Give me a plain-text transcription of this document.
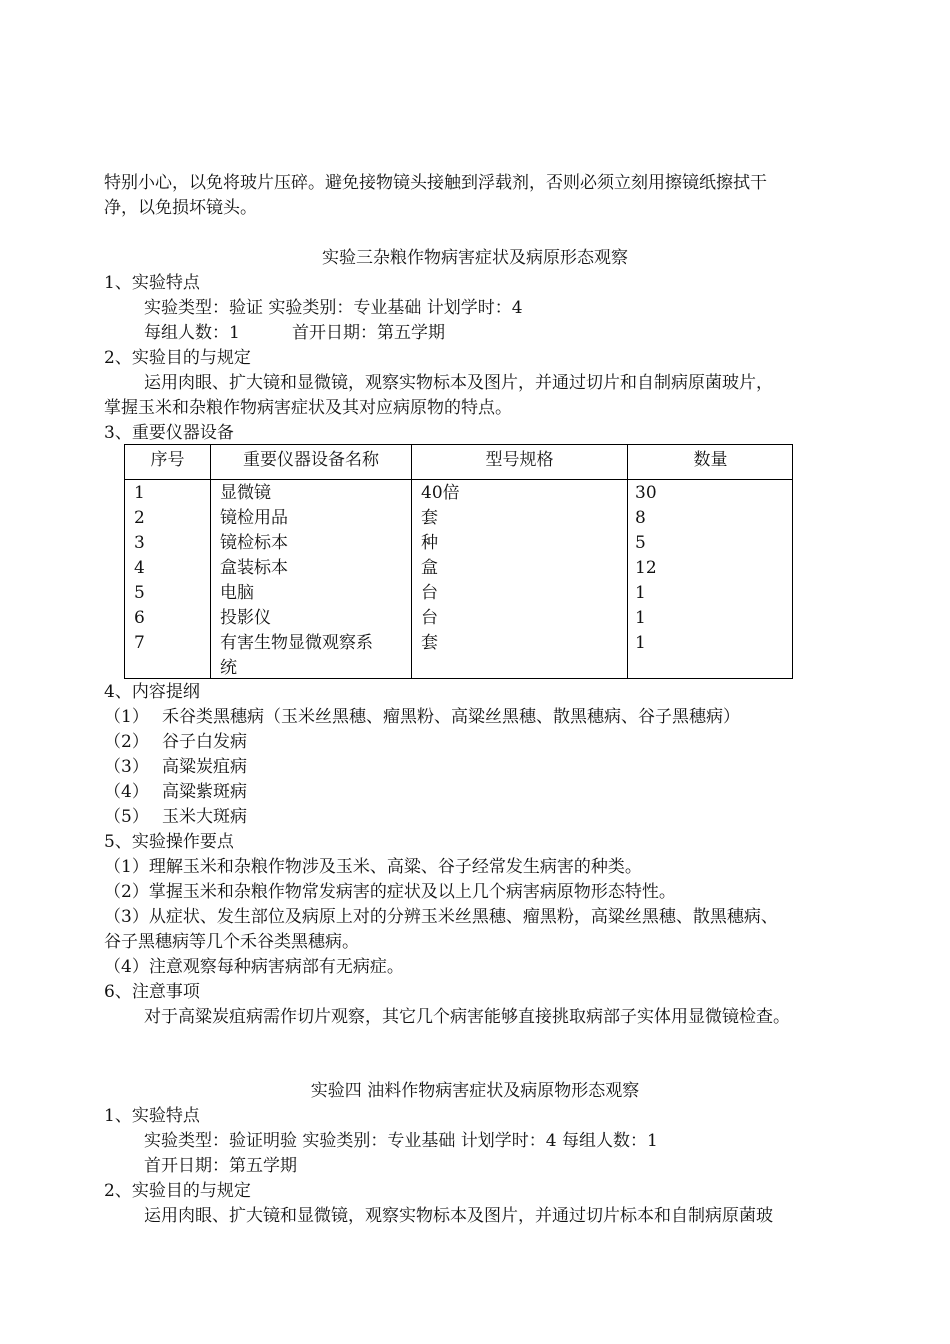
特别小心，以免将玻片压碎。避免接物镜头接触到浮载剂，否则必须立刻用擦镜纸擦拭干
净，以免损坏镜头。
实验三杂粮作物病害症状及病原形态观察
1、实验特点
实验类型：验证 实验类别：专业基础 计划学时：4
每组人数：1	首开日期：第五学期
2、实验目的与规定
运用肉眼、扩大镜和显微镜，观察实物标本及图片，并通过切片和自制病原菌玻片，
掌握玉米和杂粮作物病害症状及其对应病原物的特点。
3、重要仪器设备
序号	重要仪器设备名称	型号规格	数量
1	显微镜	40倍	30
2	镜检用品	套	8
3	镜检标本	种	5
4	盒装标本	盒	12
5	电脑	台	1
6	投影仪	台	1
7	有害生物显微观察系
统
套	1
4、内容提纲
（1） 禾谷类黑穗病（玉米丝黑穗、瘤黑粉、高粱丝黑穗、散黑穗病、谷子黑穗病）
（2） 谷子白发病
（3） 高粱炭疽病
（4） 高粱紫斑病
（5） 玉米大斑病
5、实验操作要点
（1）理解玉米和杂粮作物涉及玉米、高粱、谷子经常发生病害的种类。
（2）掌握玉米和杂粮作物常发病害的症状及以上几个病害病原物形态特性。
（3）从症状、发生部位及病原上对的分辨玉米丝黑穗、瘤黑粉，高粱丝黑穗、散黑穗病、
谷子黑穗病等几个禾谷类黑穗病。
（4）注意观察每种病害病部有无病症。
6、注意事项
对于高粱炭疽病需作切片观察，其它几个病害能够直接挑取病部子实体用显微镜检查。
实验四 油料作物病害症状及病原物形态观察
1、实验特点
实验类型：验证明验 实验类别：专业基础 计划学时：4 每组人数：1
首开日期：第五学期
2、实验目的与规定
运用肉眼、扩大镜和显微镜，观察实物标本及图片，并通过切片标本和自制病原菌玻
